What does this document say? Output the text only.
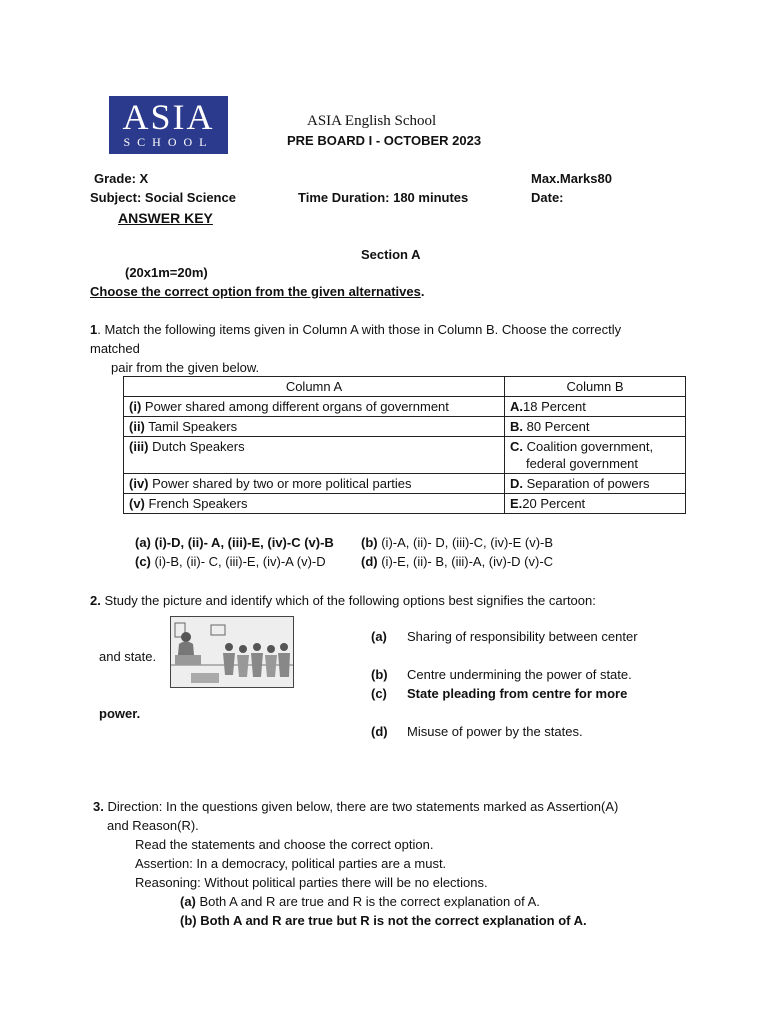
ASIA
SCHOOL
ASIA English School
PRE BOARD I - OCTOBER 2023
Grade: X	Max.Marks80
Subject: Social Science	Time Duration: 180 minutes	Date:
ANSWER KEY
Section A
(20x1m=20m)
Choose the correct option from the given alternatives.
1. Match the following items given in Column A with those in Column B. Choose the correctly
matched
pair from the given below.
Column A	Column B
(i) Power shared among different organs of government	A.18 Percent
(ii) Tamil Speakers	B. 80 Percent
(iii) Dutch Speakers	C. Coalition government,
federal government
(iv) Power shared by two or more political parties	D. Separation of powers
(v) French Speakers	E.20 Percent
(a) (i)-D, (ii)- A, (iii)-E, (iv)-C (v)-B (b) (i)-A, (ii)- D, (iii)-C, (iv)-E (v)-B
(c) (i)-B, (ii)- C, (iii)-E, (iv)-A (v)-D	(d) (i)-E, (ii)- B, (iii)-A, (iv)-D (v)-C
2. Study the picture and identify which of the following options best signifies the cartoon:
(a) Sharing of responsibility between center
and state.
(b) Centre undermining the power of state.
(c) State pleading from centre for more
power.
(d) Misuse of power by the states.
3. Direction: In the questions given below, there are two statements marked as Assertion(A)
and Reason(R).
Read the statements and choose the correct option.
Assertion: In a democracy, political parties are a must.
Reasoning: Without political parties there will be no elections.
(a) Both A and R are true and R is the correct explanation of A.
(b) Both A and R are true but R is not the correct explanation of A.
